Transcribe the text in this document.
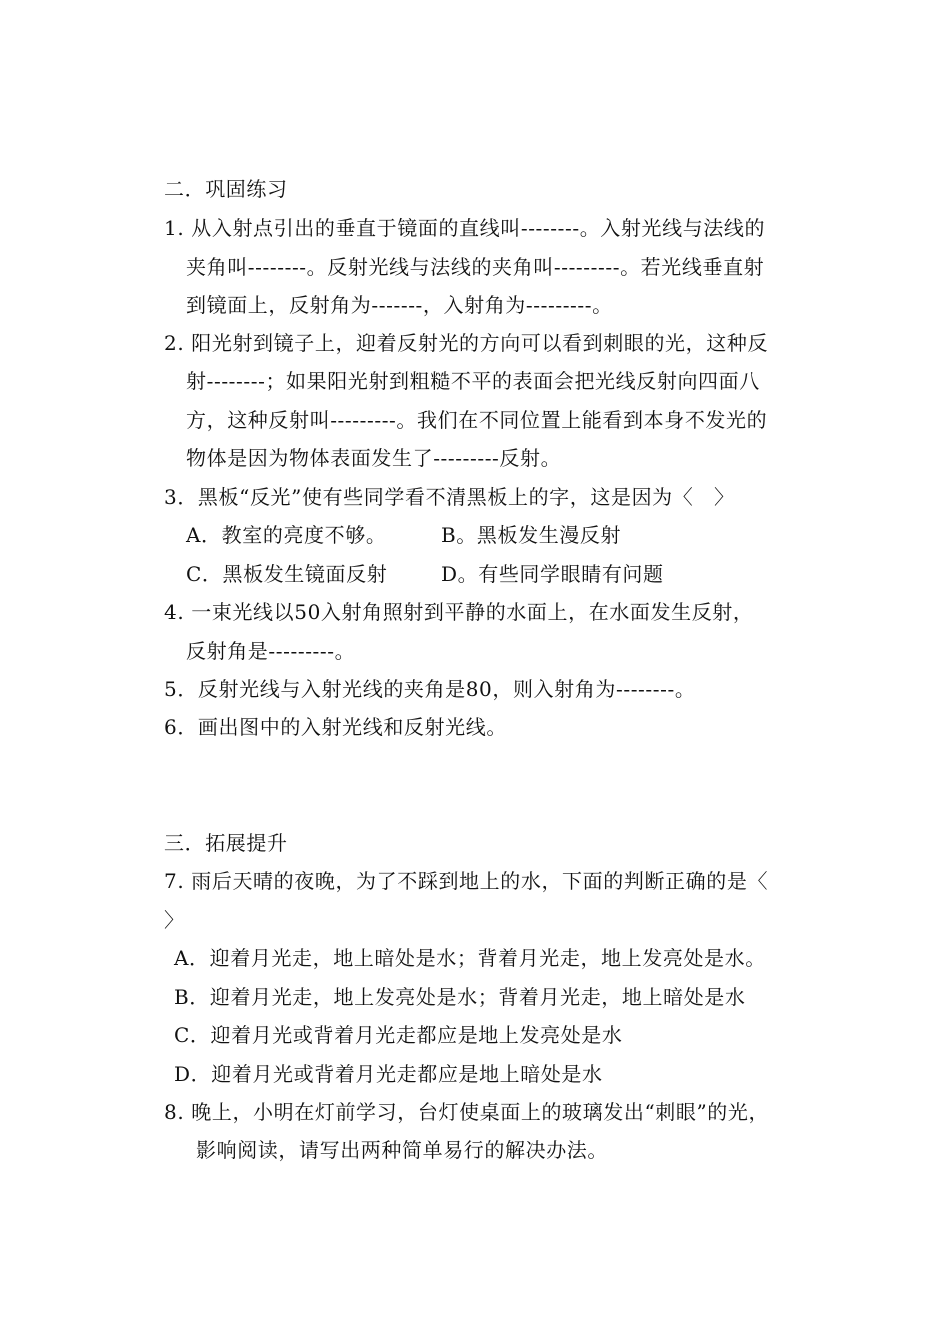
二．巩固练习
1. 从入射点引出的垂直于镜面的直线叫--------。入射光线与法线的
夹角叫--------。反射光线与法线的夹角叫---------。若光线垂直射
到镜面上，反射角为-------，入射角为---------。
2. 阳光射到镜子上，迎着反射光的方向可以看到刺眼的光，这种反
射--------；如果阳光射到粗糙不平的表面会把光线反射向四面八
方，这种反射叫---------。我们在不同位置上能看到本身不发光的
物体是因为物体表面发生了---------反射。
3．黑板“反光”使有些同学看不清黑板上的字，这是因为〈　〉
A．教室的亮度不够。	B。黑板发生漫反射
C．黑板发生镜面反射	D。有些同学眼睛有问题
4. 一束光线以50入射角照射到平静的水面上，在水面发生反射，
反射角是---------。
5．反射光线与入射光线的夹角是80，则入射角为--------。
6．画出图中的入射光线和反射光线。
三．拓展提升
7. 雨后天晴的夜晚，为了不踩到地上的水，下面的判断正确的是〈
〉
A．迎着月光走，地上暗处是水；背着月光走，地上发亮处是水。
B．迎着月光走，地上发亮处是水；背着月光走，地上暗处是水
C．迎着月光或背着月光走都应是地上发亮处是水
D．迎着月光或背着月光走都应是地上暗处是水
8. 晚上，小明在灯前学习，台灯使桌面上的玻璃发出“刺眼”的光，
影响阅读，请写出两种简单易行的解决办法。
